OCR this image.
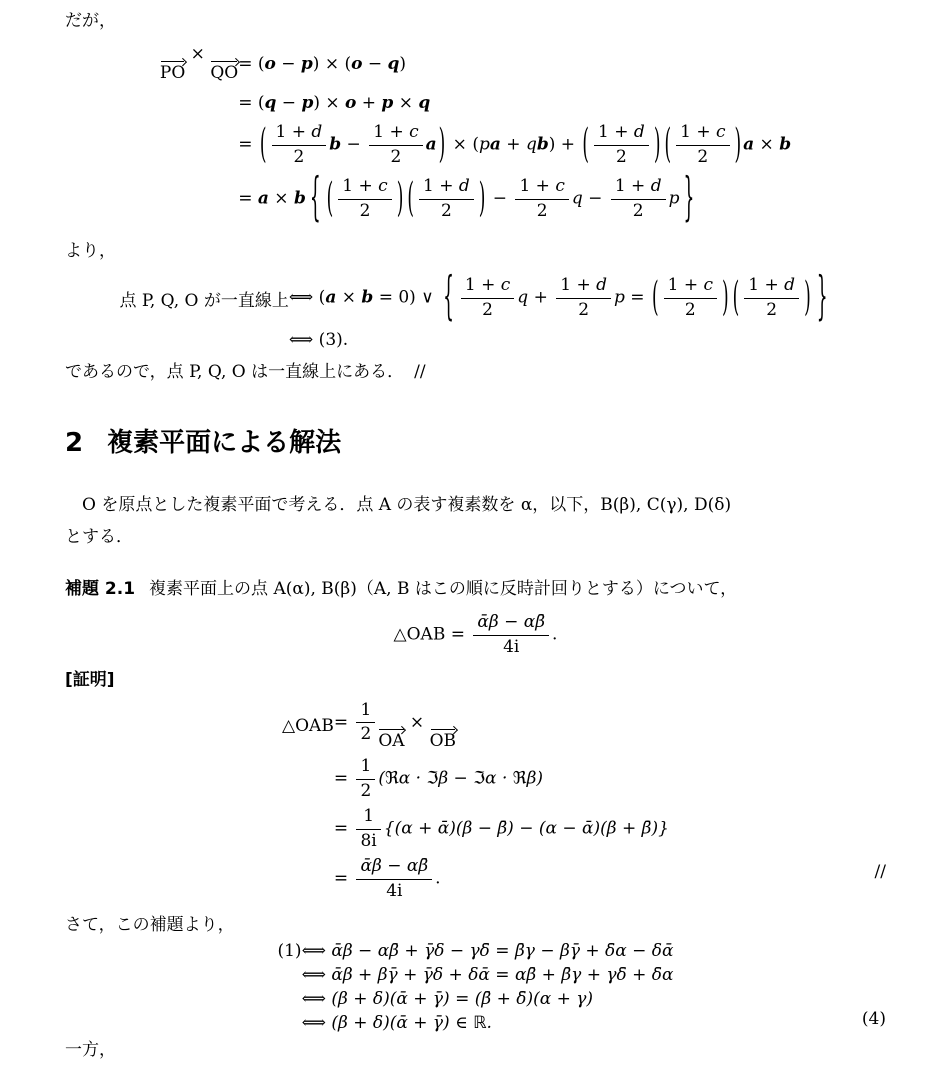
だが，
PO
×
QO	= (o − p) × (o − q)
	= (q − p) × o + p × q
	= ( $\frac{1 + d}{2}$ $b - \frac{1 + c}{2}$ a ) × (pa + qb) + ( $\frac{1 + d}{2}$ ) ( $\frac{1 + c}{2}$ ) a × b
	= a × b { ( $\frac{1 + c}{2}$ ) ( $\frac{1 + d}{2}$ ) − $\frac{1 + c}{2}$ $q - \frac{1 + d}{2}$ p }
より，
点 P, Q, O が一直線上	⟺ (a × b = 0) ∨ { $\frac{1 + c}{2}$ $q + \frac{1 + d}{2}$ p = ( $\frac{1 + c}{2}$ ) ( $\frac{1 + d}{2}$ ) }
	⟺ (3).
であるので，点 P, Q, O は一直線上にある． //
2 複素平面による解法

O を原点とした複素平面で考える．点 A の表す複素数を α，以下，B(β), C(γ), D(δ)
とする．

補題 2.1 複素平面上の点 A(α), B(β)（A, B はこの順に反時計回りとする）について，
△OAB = $\frac{\text{ᾱβ − αβ̄}}{4i}$ .
[証明]
△OAB	= $\frac{1}{2}$ OA
×
OB

	= $\frac{1}{2}$ (ℜα · ℑβ − ℑα · ℜβ)
	= $\frac{1}{8i} \{(\alpha$ + ᾱ)(β − β̄) − (α − ᾱ)(β + β̄)}
	= $\frac{\text{ᾱβ − αβ̄}}{4i}$ .	//
さて，この補題より，
(1)	⟺ ᾱβ − αβ̄ + γ̄δ − γδ̄ = β̄γ − βγ̄ + δ̄α − δᾱ
	⟺ ᾱβ + βγ̄ + γ̄δ + δᾱ = αβ̄ + β̄γ + γδ̄ + δ̄α
	⟺ (β + δ)(ᾱ + γ̄) = (β̄ + δ̄)(α + γ)
	⟺ (β + δ)(ᾱ + γ̄) ∈ ℝ.	(4)
一方，
